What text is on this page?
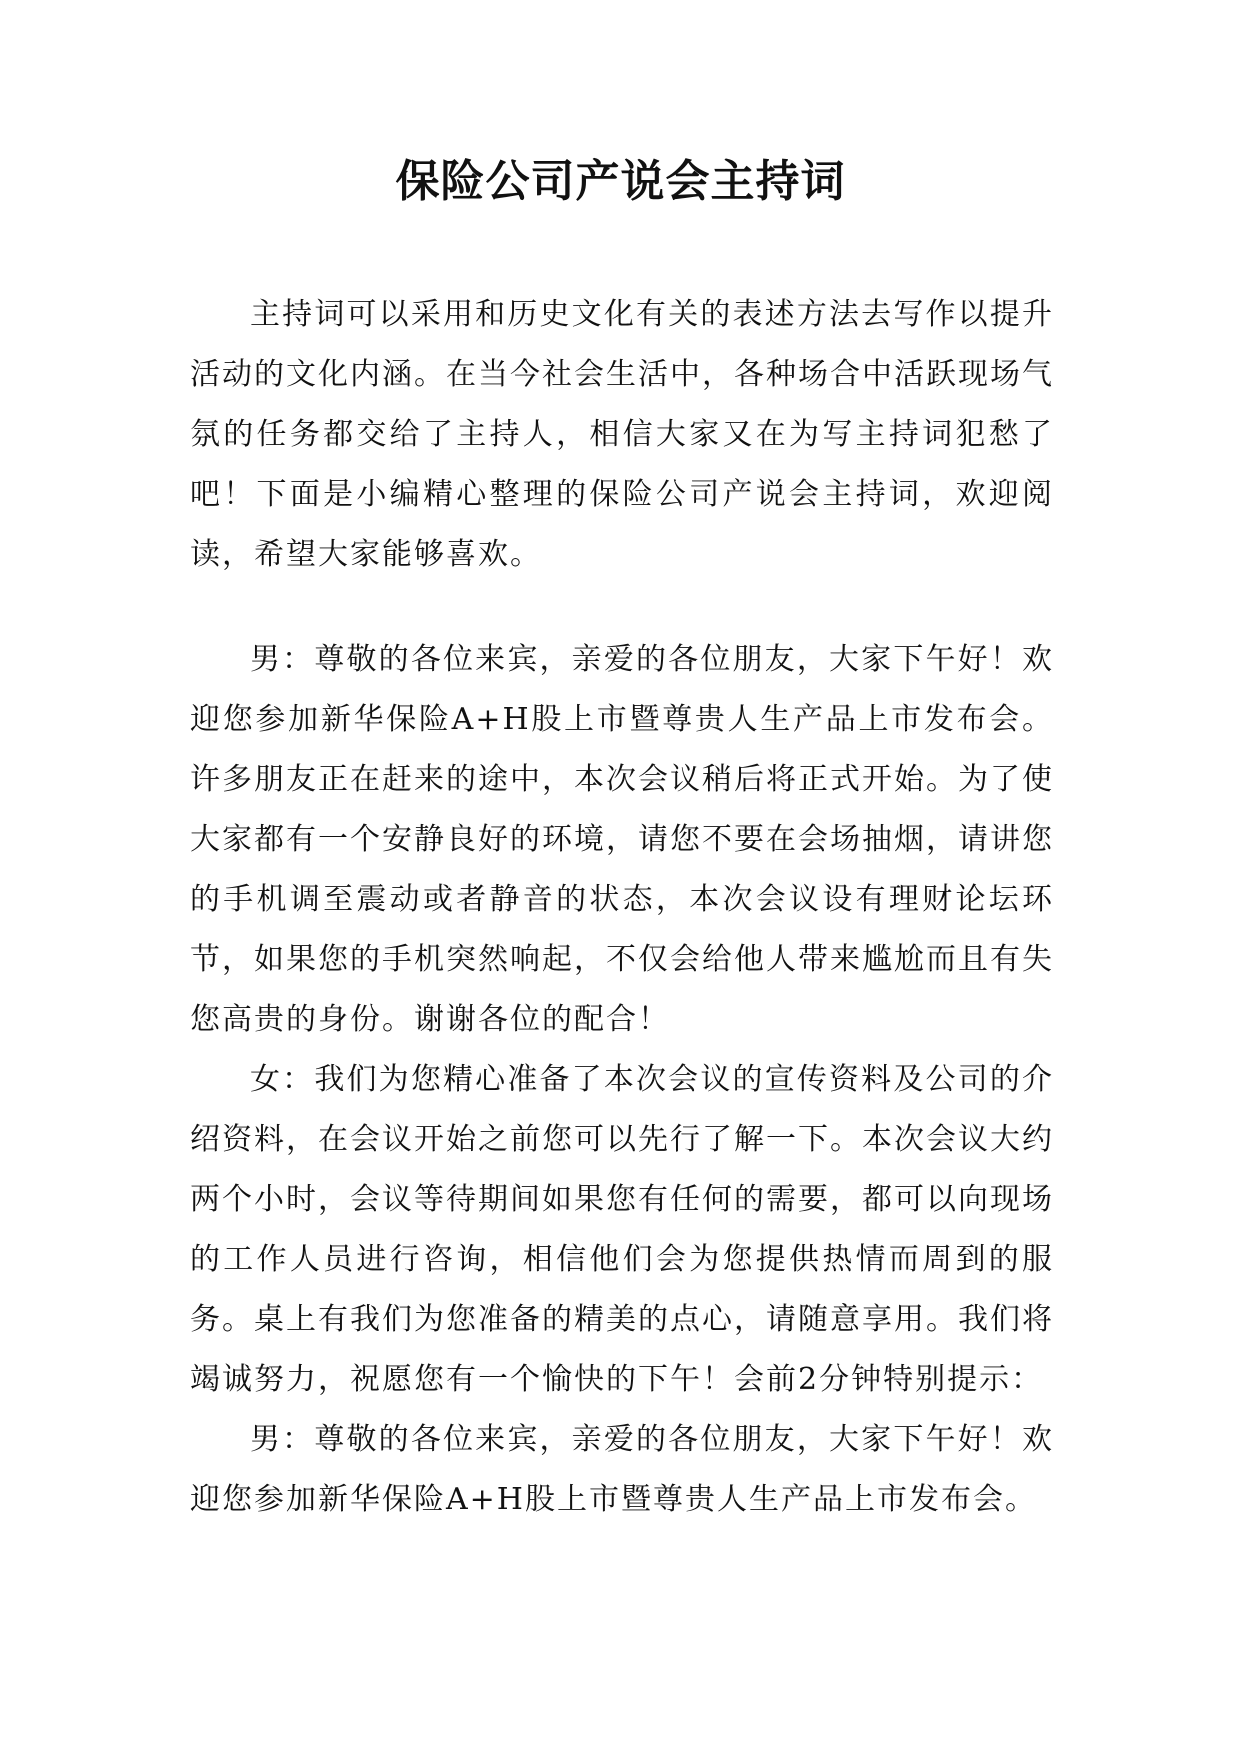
保险公司产说会主持词

主持词可以采用和历史文化有关的表述方法去写作以提升活动的文化内涵。在当今社会生活中，各种场合中活跃现场气氛的任务都交给了主持人，相信大家又在为写主持词犯愁了吧！下面是小编精心整理的保险公司产说会主持词，欢迎阅读，希望大家能够喜欢。

男：尊敬的各位来宾，亲爱的各位朋友，大家下午好！欢迎您参加新华保险A+H股上市暨尊贵人生产品上市发布会。许多朋友正在赶来的途中，本次会议稍后将正式开始。为了使大家都有一个安静良好的环境，请您不要在会场抽烟，请讲您的手机调至震动或者静音的状态，本次会议设有理财论坛环节，如果您的手机突然响起，不仅会给他人带来尴尬而且有失您高贵的身份。谢谢各位的配合！

女：我们为您精心准备了本次会议的宣传资料及公司的介绍资料，在会议开始之前您可以先行了解一下。本次会议大约两个小时，会议等待期间如果您有任何的需要，都可以向现场的工作人员进行咨询，相信他们会为您提供热情而周到的服务。桌上有我们为您准备的精美的点心，请随意享用。我们将竭诚努力，祝愿您有一个愉快的下午！会前2分钟特别提示：

男：尊敬的各位来宾，亲爱的各位朋友，大家下午好！欢迎您参加新华保险A+H股上市暨尊贵人生产品上市发布会。
